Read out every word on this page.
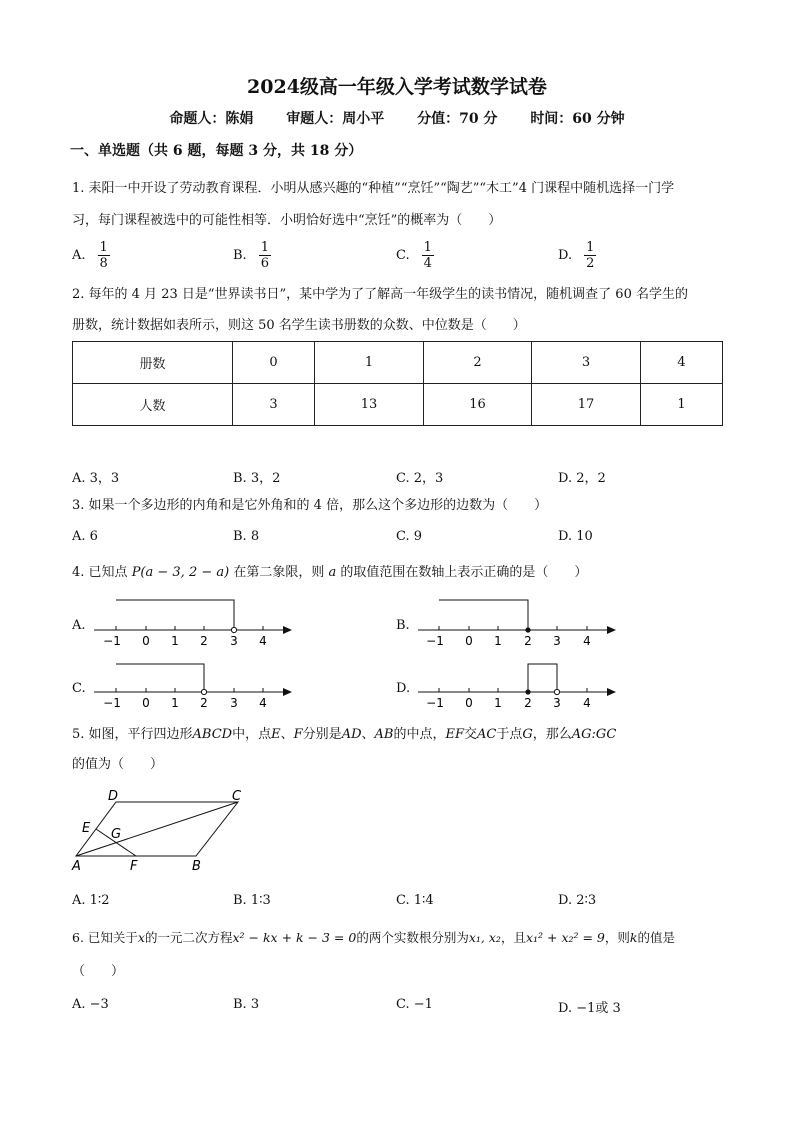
2024级高一年级入学考试数学试卷
命题人：陈娟 审题人：周小平 分值：70 分 时间：60 分钟
一、单选题（共 6 题，每题 3 分，共 18 分）
1. 耒阳一中开设了劳动教育课程．小明从感兴趣的“种植”“烹饪”“陶艺”“木工”4 门课程中随机选择一门学
习，每门课程被选中的可能性相等．小明恰好选中“烹饪”的概率为（　　）
A. $\frac{1}{8}$	B. $\frac{1}{6}$	C. $\frac{1}{4}$	D. $\frac{1}{2}$
2. 每年的 4 月 23 日是“世界读书日”，某中学为了了解高一年级学生的读书情况，随机调查了 60 名学生的
册数，统计数据如表所示，则这 50 名学生读书册数的众数、中位数是（　　）
册数	0	1	2	3	4
人数	3	13	16	17	1
A. 3，3	B. 3，2	C. 2，3	D. 2，2
3. 如果一个多边形的内角和是它外角和的 4 倍，那么这个多边形的边数为（　　）
A. 6	B. 8	C. 9	D. 10
4. 已知点 P(a − 3, 2 − a) 在第二象限，则 a 的取值范围在数轴上表示正确的是（　　）
A.	B.
C.	D.
−1 0 1 2 3 4	−1 0 1 2 3 4
−1 0 1 2 3 4	−1 0 1 2 3 4
5. 如图，平行四边形ABCD中，点E、F分别是AD、AB的中点，EF交AC于点G，那么AG:GC
的值为（　　）
D	C
E G
A	F	B
A. 1∶2	B. 1∶3	C. 1∶4	D. 2∶3
6. 已知关于x的一元二次方程x² − kx + k − 3 = 0的两个实数根分别为x₁, x₂，且x₁² + x₂² = 9，则k的值是
（　　）
A. −3	B. 3	C. −1	D. −1或 3
